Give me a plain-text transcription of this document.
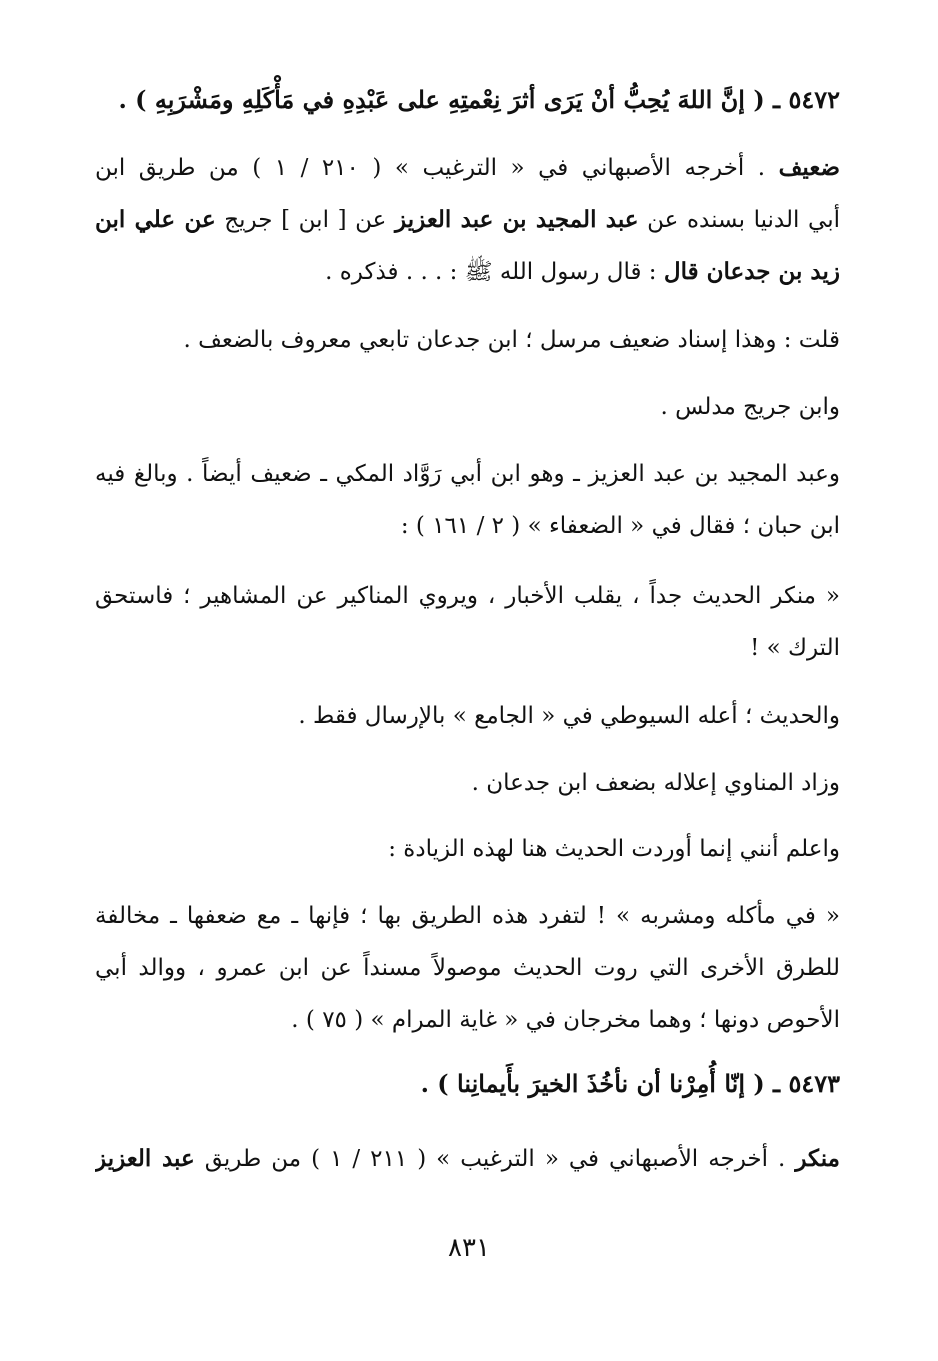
٥٤٧٢ ـ ( إنَّ اللهَ يُحِبُّ أنْ يَرَى أثرَ نِعْمتِهِ على عَبْدِهِ في مَأْكَلِهِ ومَشْرَبِهِ ) .
ضعيف . أخرجه الأصبهاني في « الترغيب » ( ٢١٠ / ١ ) من طريق ابن
أبي الدنيا بسنده عن عبد المجيد بن عبد العزيز عن [ ابن ] جريج عن علي ابن
زيد بن جدعان قال : قال رسول الله ﷺ : . . . فذكره .
قلت : وهذا إسناد ضعيف مرسل ؛ ابن جدعان تابعي معروف بالضعف .
وابن جريج مدلس .
وعبد المجيد بن عبد العزيز ـ وهو ابن أبي رَوَّاد المكي ـ ضعيف أيضاً . وبالغ فيه
ابن حبان ؛ فقال في « الضعفاء » ( ٢ / ١٦١ ) :
« منكر الحديث جداً ، يقلب الأخبار ، ويروي المناكير عن المشاهير ؛ فاستحق
الترك » !
والحديث ؛ أعله السيوطي في « الجامع » بالإرسال فقط .
وزاد المناوي إعلاله بضعف ابن جدعان .
واعلم أنني إنما أوردت الحديث هنا لهذه الزيادة :
« في مأكله ومشربه » ! لتفرد هذه الطريق بها ؛ فإنها ـ مع ضعفها ـ مخالفة
للطرق الأخرى التي روت الحديث موصولاً مسنداً عن ابن عمرو ، ووالد أبي
الأحوص دونها ؛ وهما مخرجان في « غاية المرام » ( ٧٥ ) .
٥٤٧٣ ـ ( إنّا أُمِرْنا أن نأخُذَ الخيرَ بأَيمانِنا ) .
منكر . أخرجه الأصبهاني في « الترغيب » ( ٢١١ / ١ ) من طريق عبد العزيز
٨٣١
